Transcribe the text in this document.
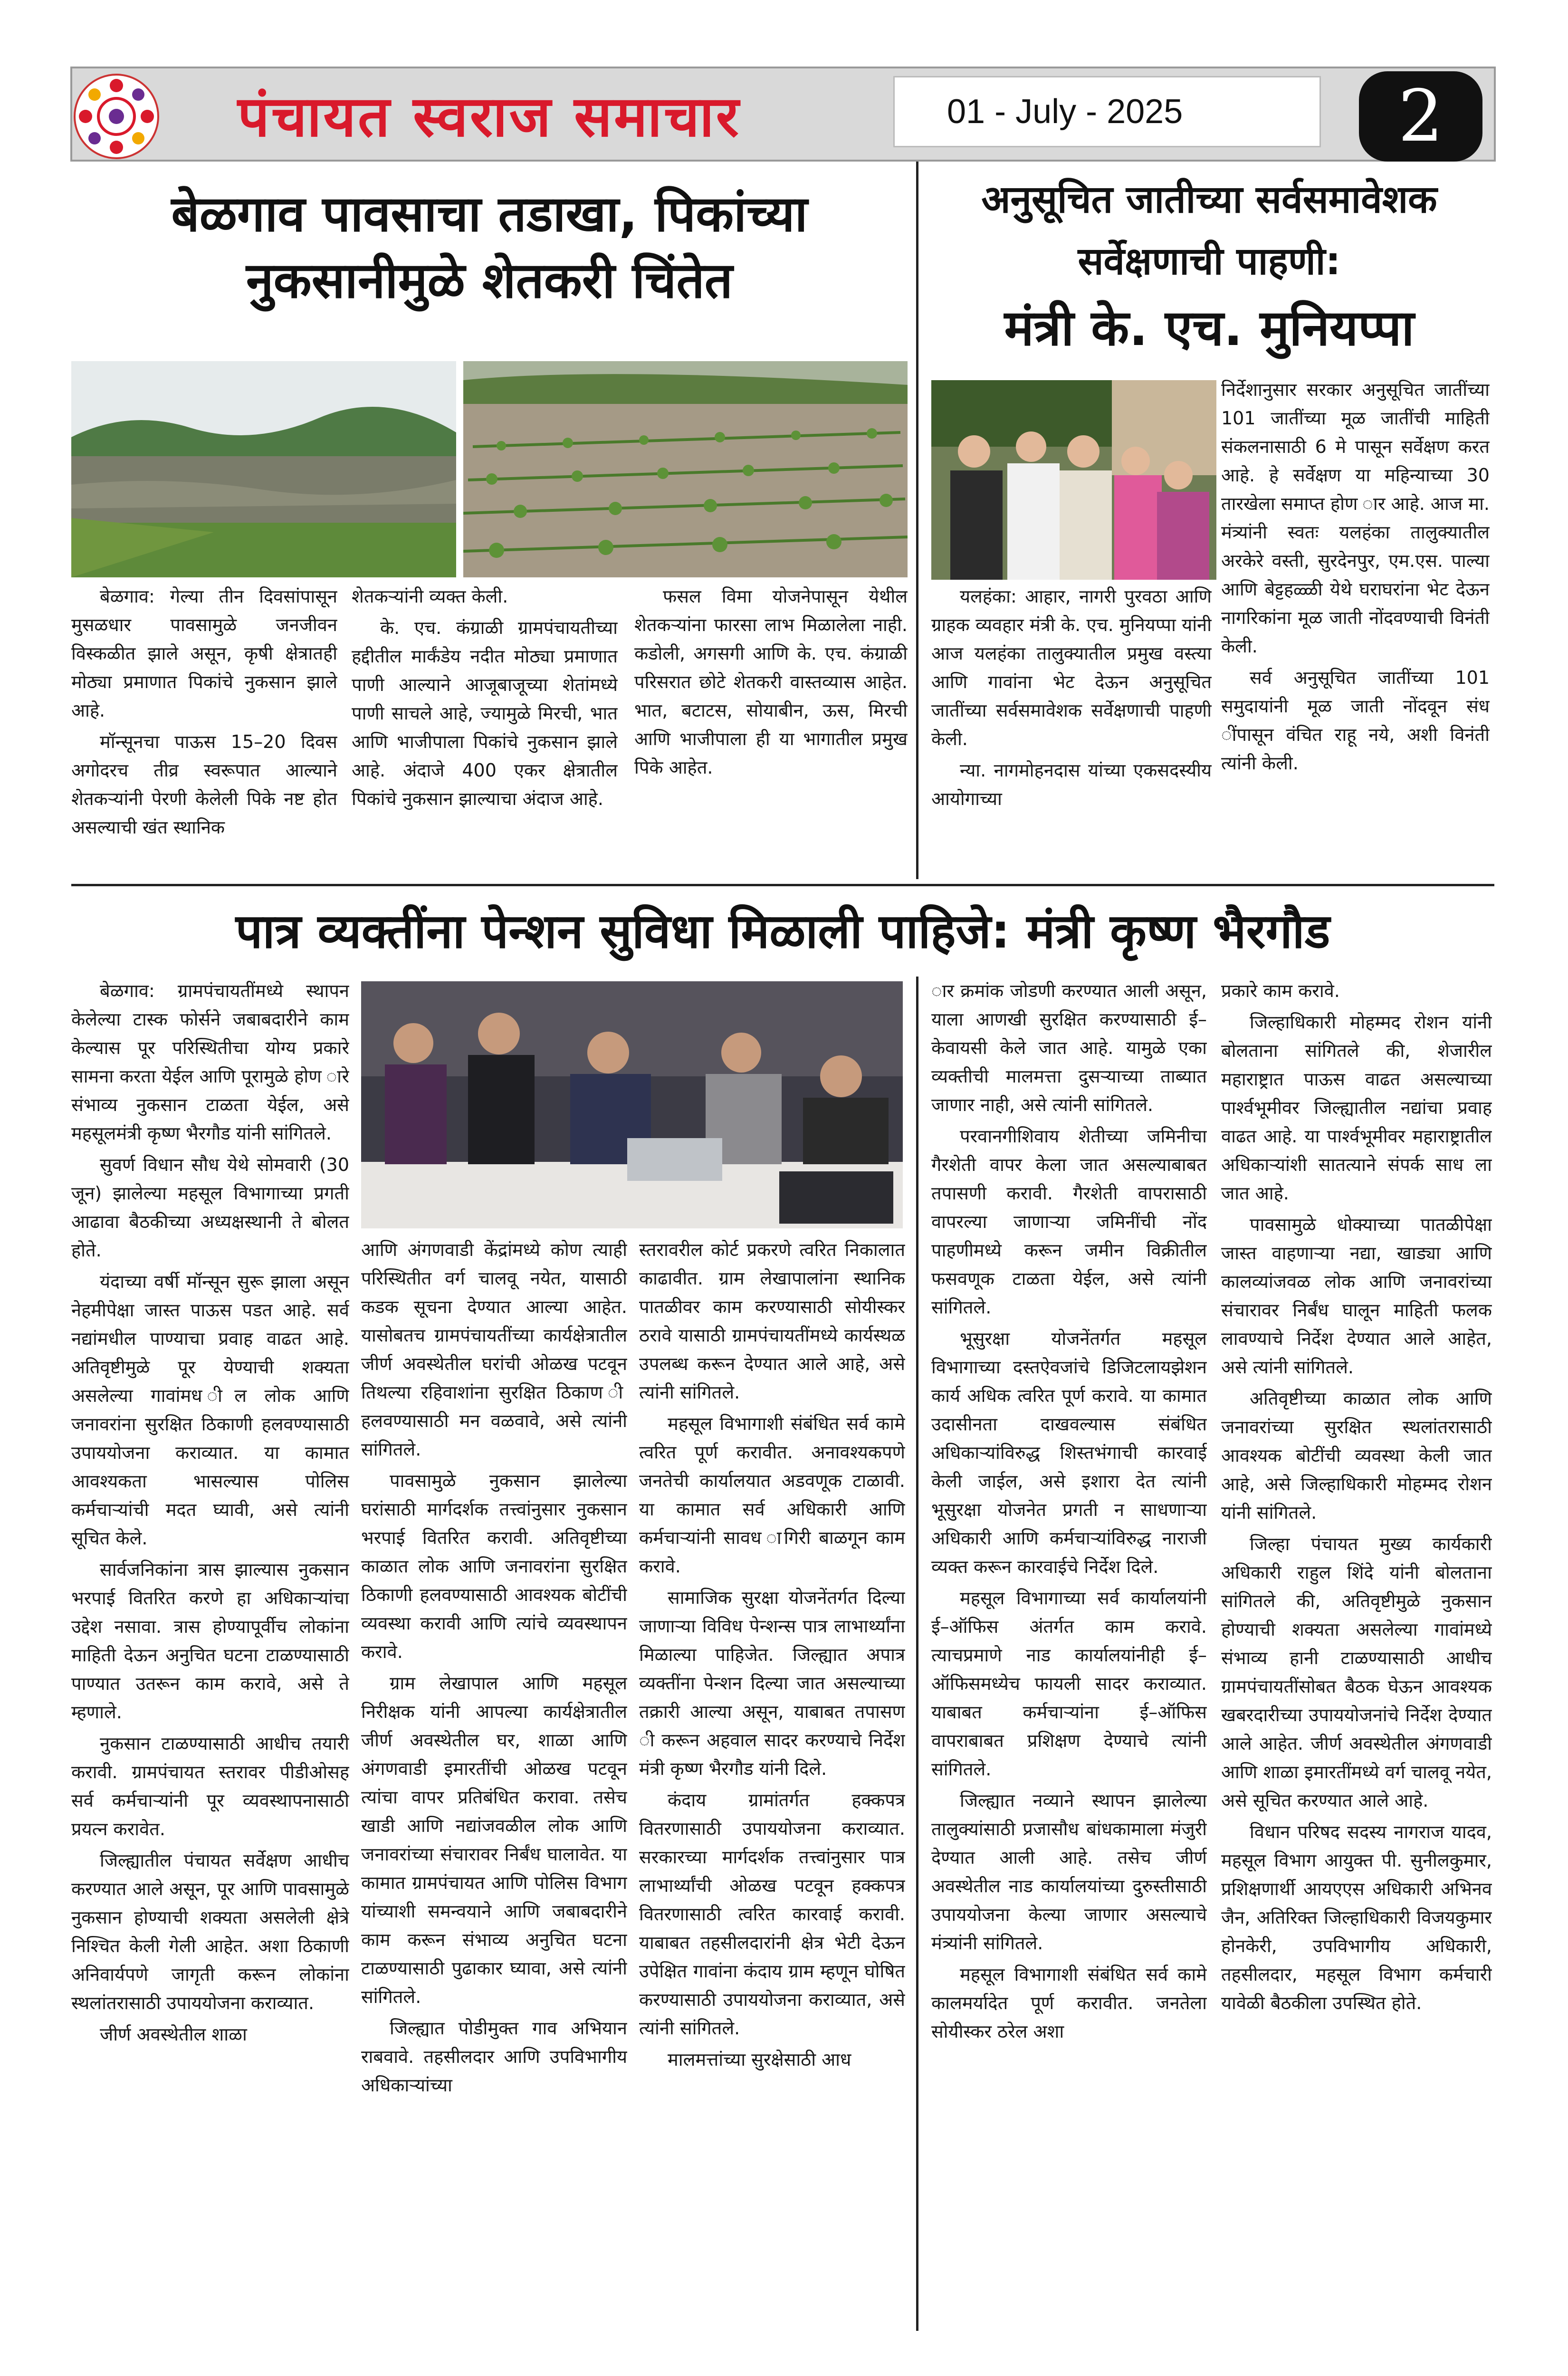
पंचायत स्वराज समाचार	01 - July - 2025	2
बेळगाव पावसाचा तडाखा, पिकांच्या
नुकसानीमुळे शेतकरी चिंतेत

बेळगाव: गेल्या तीन दिवसांपासून मुसळधार पावसामुळे जनजीवन विस्कळीत झाले असून, कृषी क्षेत्रातही मोठ्या प्रमाणात पिकांचे नुकसान झाले आहे.

मॉन्सूनचा पाऊस 15–20 दिवस अगोदरच तीव्र स्वरूपात आल्याने शेतकऱ्यांनी पेरणी केलेली पिके नष्ट होत असल्याची खंत स्थानिक

शेतकऱ्यांनी व्यक्त केली.

के. एच. कंग्राळी ग्रामपंचायतीच्या हद्दीतील मार्कंडेय नदीत मोठ्या प्रमाणात पाणी आल्याने आजूबाजूच्या शेतांमध्ये पाणी साचले आहे, ज्यामुळे मिरची, भात आणि भाजीपाला पिकांचे नुकसान झाले आहे. अंदाजे 400 एकर क्षेत्रातील पिकांचे नुकसान झाल्याचा अंदाज आहे.

फसल विमा योजनेपासून येथील शेतकऱ्यांना फारसा लाभ मिळालेला नाही. कडोली, अगसगी आणि के. एच. कंग्राळी परिसरात छोटे शेतकरी वास्तव्यास आहेत. भात, बटाटस, सोयाबीन, ऊस, मिरची आणि भाजीपाला ही या भागातील प्रमुख पिके आहेत.

अनुसूचित जातीच्या सर्वसमावेशक
सर्वेक्षणाची पाहणी:
मंत्री के. एच. मुनियप्पा

निर्देशानुसार सरकार अनुसूचित जातींच्या 101 जातींच्या मूळ जातींची माहिती संकलनासाठी 6 मे पासून सर्वेक्षण करत आहे. हे सर्वेक्षण या महिन्याच्या 30 तारखेला समाप्त होण ार आहे. आज मा. मंत्र्यांनी स्वतः यलहंका तालुक्यातील अरकेरे वस्ती, सुरदेनपुर, एम.एस. पाल्या आणि बेट्टहळ्ळी येथे घराघरांना भेट देऊन नागरिकांना मूळ जाती नोंदवण्याची विनंती केली.

सर्व अनुसूचित जातींच्या 101 समुदायांनी मूळ जाती नोंदवून संध ींपासून वंचित राहू नये, अशी विनंती त्यांनी केली.

यलहंका: आहार, नागरी पुरवठा आणि ग्राहक व्यवहार मंत्री के. एच. मुनियप्पा यांनी आज यलहंका तालुक्यातील प्रमुख वस्त्या आणि गावांना भेट देऊन अनुसूचित जातींच्या सर्वसमावेशक सर्वेक्षणाची पाहणी केली.

न्या. नागमोहनदास यांच्या एकसदस्यीय आयोगाच्या

पात्र व्यक्तींना पेन्शन सुविधा मिळाली पाहिजे: मंत्री कृष्ण भैरगौड

बेळगाव: ग्रामपंचायतींमध्ये स्थापन केलेल्या टास्क फोर्सने जबाबदारीने काम केल्यास पूर परिस्थितीचा योग्य प्रकारे सामना करता येईल आणि पूरामुळे होण ारे संभाव्य नुकसान टाळता येईल, असे महसूलमंत्री कृष्ण भैरगौड यांनी सांगितले.

सुवर्ण विधान सौध येथे सोमवारी (30 जून) झालेल्या महसूल विभागाच्या प्रगती आढावा बैठकीच्या अध्यक्षस्थानी ते बोलत होते.

यंदाच्या वर्षी मॉन्सून सुरू झाला असून नेहमीपेक्षा जास्त पाऊस पडत आहे. सर्व नद्यांमधील पाण्याचा प्रवाह वाढत आहे. अतिवृष्टीमुळे पूर येण्याची शक्यता असलेल्या गावांमध ील लोक आणि जनावरांना सुरक्षित ठिकाणी हलवण्यासाठी उपाययोजना कराव्यात. या कामात आवश्यकता भासल्यास पोलिस कर्मचाऱ्यांची मदत घ्यावी, असे त्यांनी सूचित केले.

सार्वजनिकांना त्रास झाल्यास नुकसान भरपाई वितरित करणे हा अधिकाऱ्यांचा उद्देश नसावा. त्रास होण्यापूर्वीच लोकांना माहिती देऊन अनुचित घटना टाळण्यासाठी पाण्यात उतरून काम करावे, असे ते म्हणाले.

नुकसान टाळण्यासाठी आधीच तयारी करावी. ग्रामपंचायत स्तरावर पीडीओसह सर्व कर्मचाऱ्यांनी पूर व्यवस्थापनासाठी प्रयत्न करावेत.

जिल्ह्यातील पंचायत सर्वेक्षण आधीच करण्यात आले असून, पूर आणि पावसामुळे नुकसान होण्याची शक्यता असलेली क्षेत्रे निश्चित केली गेली आहेत. अशा ठिकाणी अनिवार्यपणे जागृती करून लोकांना स्थलांतरासाठी उपाययोजना कराव्यात.

जीर्ण अवस्थेतील शाळा

आणि अंगणवाडी केंद्रांमध्ये कोण त्याही परिस्थितीत वर्ग चालवू नयेत, यासाठी कडक सूचना देण्यात आल्या आहेत. यासोबतच ग्रामपंचायतींच्या कार्यक्षेत्रातील जीर्ण अवस्थेतील घरांची ओळख पटवून तिथल्या रहिवाशांना सुरक्षित ठिकाण ी हलवण्यासाठी मन वळवावे, असे त्यांनी सांगितले.

पावसामुळे नुकसान झालेल्या घरांसाठी मार्गदर्शक तत्त्वांनुसार नुकसान भरपाई वितरित करावी. अतिवृष्टीच्या काळात लोक आणि जनावरांना सुरक्षित ठिकाणी हलवण्यासाठी आवश्यक बोटींची व्यवस्था करावी आणि त्यांचे व्यवस्थापन करावे.

ग्राम लेखापाल आणि महसूल निरीक्षक यांनी आपल्या कार्यक्षेत्रातील जीर्ण अवस्थेतील घर, शाळा आणि अंगणवाडी इमारतींची ओळख पटवून त्यांचा वापर प्रतिबंधित करावा. तसेच खाडी आणि नद्यांजवळील लोक आणि जनावरांच्या संचारावर निर्बंध घालावेत. या कामात ग्रामपंचायत आणि पोलिस विभाग यांच्याशी समन्वयाने आणि जबाबदारीने काम करून संभाव्य अनुचित घटना टाळण्यासाठी पुढाकार घ्यावा, असे त्यांनी सांगितले.

जिल्ह्यात पोडीमुक्त गाव अभियान राबवावे. तहसीलदार आणि उपविभागीय अधिकाऱ्यांच्या

स्तरावरील कोर्ट प्रकरणे त्वरित निकालात काढावीत. ग्राम लेखापालांना स्थानिक पातळीवर काम करण्यासाठी सोयीस्कर ठरावे यासाठी ग्रामपंचायतींमध्ये कार्यस्थळ उपलब्ध करून देण्यात आले आहे, असे त्यांनी सांगितले.

महसूल विभागाशी संबंधित सर्व कामे त्वरित पूर्ण करावीत. अनावश्यकपणे जनतेची कार्यालयात अडवणूक टाळावी. या कामात सर्व अधिकारी आणि कर्मचाऱ्यांनी सावध ागिरी बाळगून काम करावे.

सामाजिक सुरक्षा योजनेंतर्गत दिल्या जाणाऱ्या विविध पेन्शन्स पात्र लाभार्थ्यांना मिळाल्या पाहिजेत. जिल्ह्यात अपात्र व्यक्तींना पेन्शन दिल्या जात असल्याच्या तक्रारी आल्या असून, याबाबत तपासण ी करून अहवाल सादर करण्याचे निर्देश मंत्री कृष्ण भैरगौड यांनी दिले.

कंदाय ग्रामांतर्गत हक्कपत्र वितरणासाठी उपाययोजना कराव्यात. सरकारच्या मार्गदर्शक तत्त्वांनुसार पात्र लाभार्थ्यांची ओळख पटवून हक्कपत्र वितरणासाठी त्वरित कारवाई करावी. याबाबत तहसीलदारांनी क्षेत्र भेटी देऊन उपेक्षित गावांना कंदाय ग्राम म्हणून घोषित करण्यासाठी उपाययोजना कराव्यात, असे त्यांनी सांगितले.

मालमत्तांच्या सुरक्षेसाठी आध

ार क्रमांक जोडणी करण्यात आली असून, याला आणखी सुरक्षित करण्यासाठी ई–केवायसी केले जात आहे. यामुळे एका व्यक्तीची मालमत्ता दुसऱ्याच्या ताब्यात जाणार नाही, असे त्यांनी सांगितले.

परवानगीशिवाय शेतीच्या जमिनीचा गैरशेती वापर केला जात असल्याबाबत तपासणी करावी. गैरशेती वापरासाठी वापरल्या जाणाऱ्या जमिनींची नोंद पाहणीमध्ये करून जमीन विक्रीतील फसवणूक टाळता येईल, असे त्यांनी सांगितले.

भूसुरक्षा योजनेंतर्गत महसूल विभागाच्या दस्तऐवजांचे डिजिटलायझेशन कार्य अधिक त्वरित पूर्ण करावे. या कामात उदासीनता दाखवल्यास संबंधित अधिकाऱ्यांविरुद्ध शिस्तभंगाची कारवाई केली जाईल, असे इशारा देत त्यांनी भूसुरक्षा योजनेत प्रगती न साधणाऱ्या अधिकारी आणि कर्मचाऱ्यांविरुद्ध नाराजी व्यक्त करून कारवाईचे निर्देश दिले.

महसूल विभागाच्या सर्व कार्यालयांनी ई–ऑफिस अंतर्गत काम करावे. त्याचप्रमाणे नाड कार्यालयांनीही ई–ऑफिसमध्येच फायली सादर कराव्यात. याबाबत कर्मचाऱ्यांना ई–ऑफिस वापराबाबत प्रशिक्षण देण्याचे त्यांनी सांगितले.

जिल्ह्यात नव्याने स्थापन झालेल्या तालुक्यांसाठी प्रजासौध बांधकामाला मंजुरी देण्यात आली आहे. तसेच जीर्ण अवस्थेतील नाड कार्यालयांच्या दुरुस्तीसाठी उपाययोजना केल्या जाणार असल्याचे मंत्र्यांनी सांगितले.

महसूल विभागाशी संबंधित सर्व कामे कालमर्यादेत पूर्ण करावीत. जनतेला सोयीस्कर ठरेल अशा

प्रकारे काम करावे.

जिल्हाधिकारी मोहम्मद रोशन यांनी बोलताना सांगितले की, शेजारील महाराष्ट्रात पाऊस वाढत असल्याच्या पार्श्वभूमीवर जिल्ह्यातील नद्यांचा प्रवाह वाढत आहे. या पार्श्वभूमीवर महाराष्ट्रातील अधिकाऱ्यांशी सातत्याने संपर्क साध ला जात आहे.

पावसामुळे धोक्याच्या पातळीपेक्षा जास्त वाहणाऱ्या नद्या, खाड्या आणि कालव्यांजवळ लोक आणि जनावरांच्या संचारावर निर्बंध घालून माहिती फलक लावण्याचे निर्देश देण्यात आले आहेत, असे त्यांनी सांगितले.

अतिवृष्टीच्या काळात लोक आणि जनावरांच्या सुरक्षित स्थलांतरासाठी आवश्यक बोटींची व्यवस्था केली जात आहे, असे जिल्हाधिकारी मोहम्मद रोशन यांनी सांगितले.

जिल्हा पंचायत मुख्य कार्यकारी अधिकारी राहुल शिंदे यांनी बोलताना सांगितले की, अतिवृष्टीमुळे नुकसान होण्याची शक्यता असलेल्या गावांमध्ये संभाव्य हानी टाळण्यासाठी आधीच ग्रामपंचायतींसोबत बैठक घेऊन आवश्यक खबरदारीच्या उपाययोजनांचे निर्देश देण्यात आले आहेत. जीर्ण अवस्थेतील अंगणवाडी आणि शाळा इमारतींमध्ये वर्ग चालवू नयेत, असे सूचित करण्यात आले आहे.

विधान परिषद सदस्य नागराज यादव, महसूल विभाग आयुक्त पी. सुनीलकुमार, प्रशिक्षणार्थी आयएएस अधिकारी अभिनव जैन, अतिरिक्त जिल्हाधिकारी विजयकुमार होनकेरी, उपविभागीय अधिकारी, तहसीलदार, महसूल विभाग कर्मचारी यावेळी बैठकीला उपस्थित होते.
